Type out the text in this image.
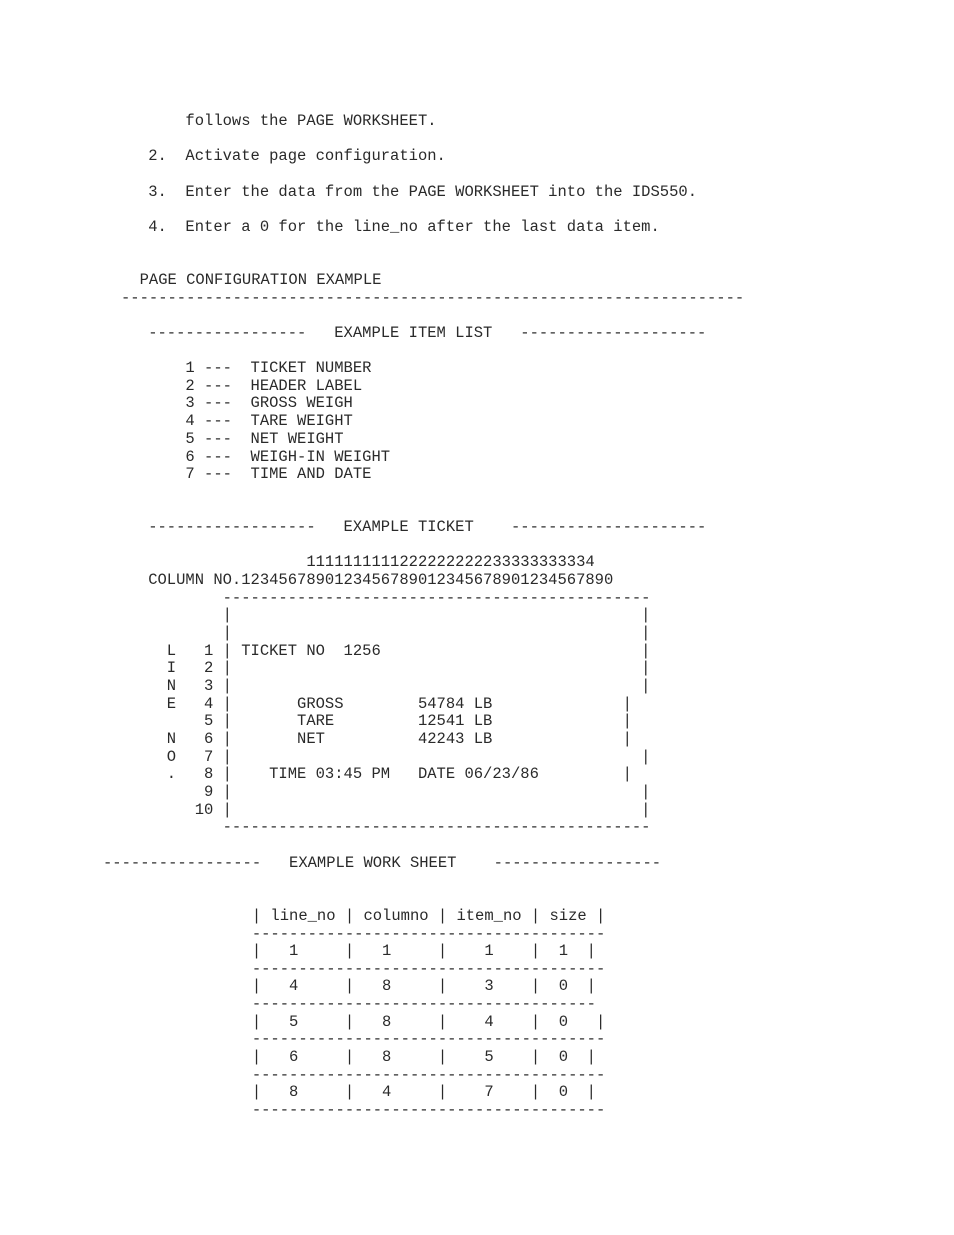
follows the PAGE WORKSHEET.
2.  Activate page configuration.
3.  Enter the data from the PAGE WORKSHEET into the IDS550.
4.  Enter a 0 for the line_no after the last data item.
PAGE CONFIGURATION EXAMPLE
-------------------------------------------------------------------
-----------------   EXAMPLE ITEM LIST   --------------------
1 ---  TICKET NUMBER
2 ---  HEADER LABEL
3 ---  GROSS WEIGH
4 ---  TARE WEIGHT
5 ---  NET WEIGHT
6 ---  WEIGH-IN WEIGHT
7 ---  TIME AND DATE
------------------   EXAMPLE TICKET    ---------------------
1111111111222222222233333333334
COLUMN NO.1234567890123456789012345678901234567890
----------------------------------------------
|                                            |
|                                            |
L   1 | TICKET NO  1256                            |
I   2 |                                            |
N   3 |                                            |
E   4 |       GROSS        54784 LB              |
5 |       TARE         12541 LB              |
N   6 |       NET          42243 LB              |
O   7 |                                            |
.   8 |    TIME 03:45 PM   DATE 06/23/86         |
9 |                                            |
10 |                                            |
----------------------------------------------
-----------------   EXAMPLE WORK SHEET    ------------------
| line_no | columno | item_no | size |
--------------------------------------
|   1     |   1     |    1    |  1  |
--------------------------------------
|   4     |   8     |    3    |  0  |
-------------------------------------
|   5     |   8     |    4    |  0   |
--------------------------------------
|   6     |   8     |    5    |  0  |
--------------------------------------
|   8     |   4     |    7    |  0  |
--------------------------------------
